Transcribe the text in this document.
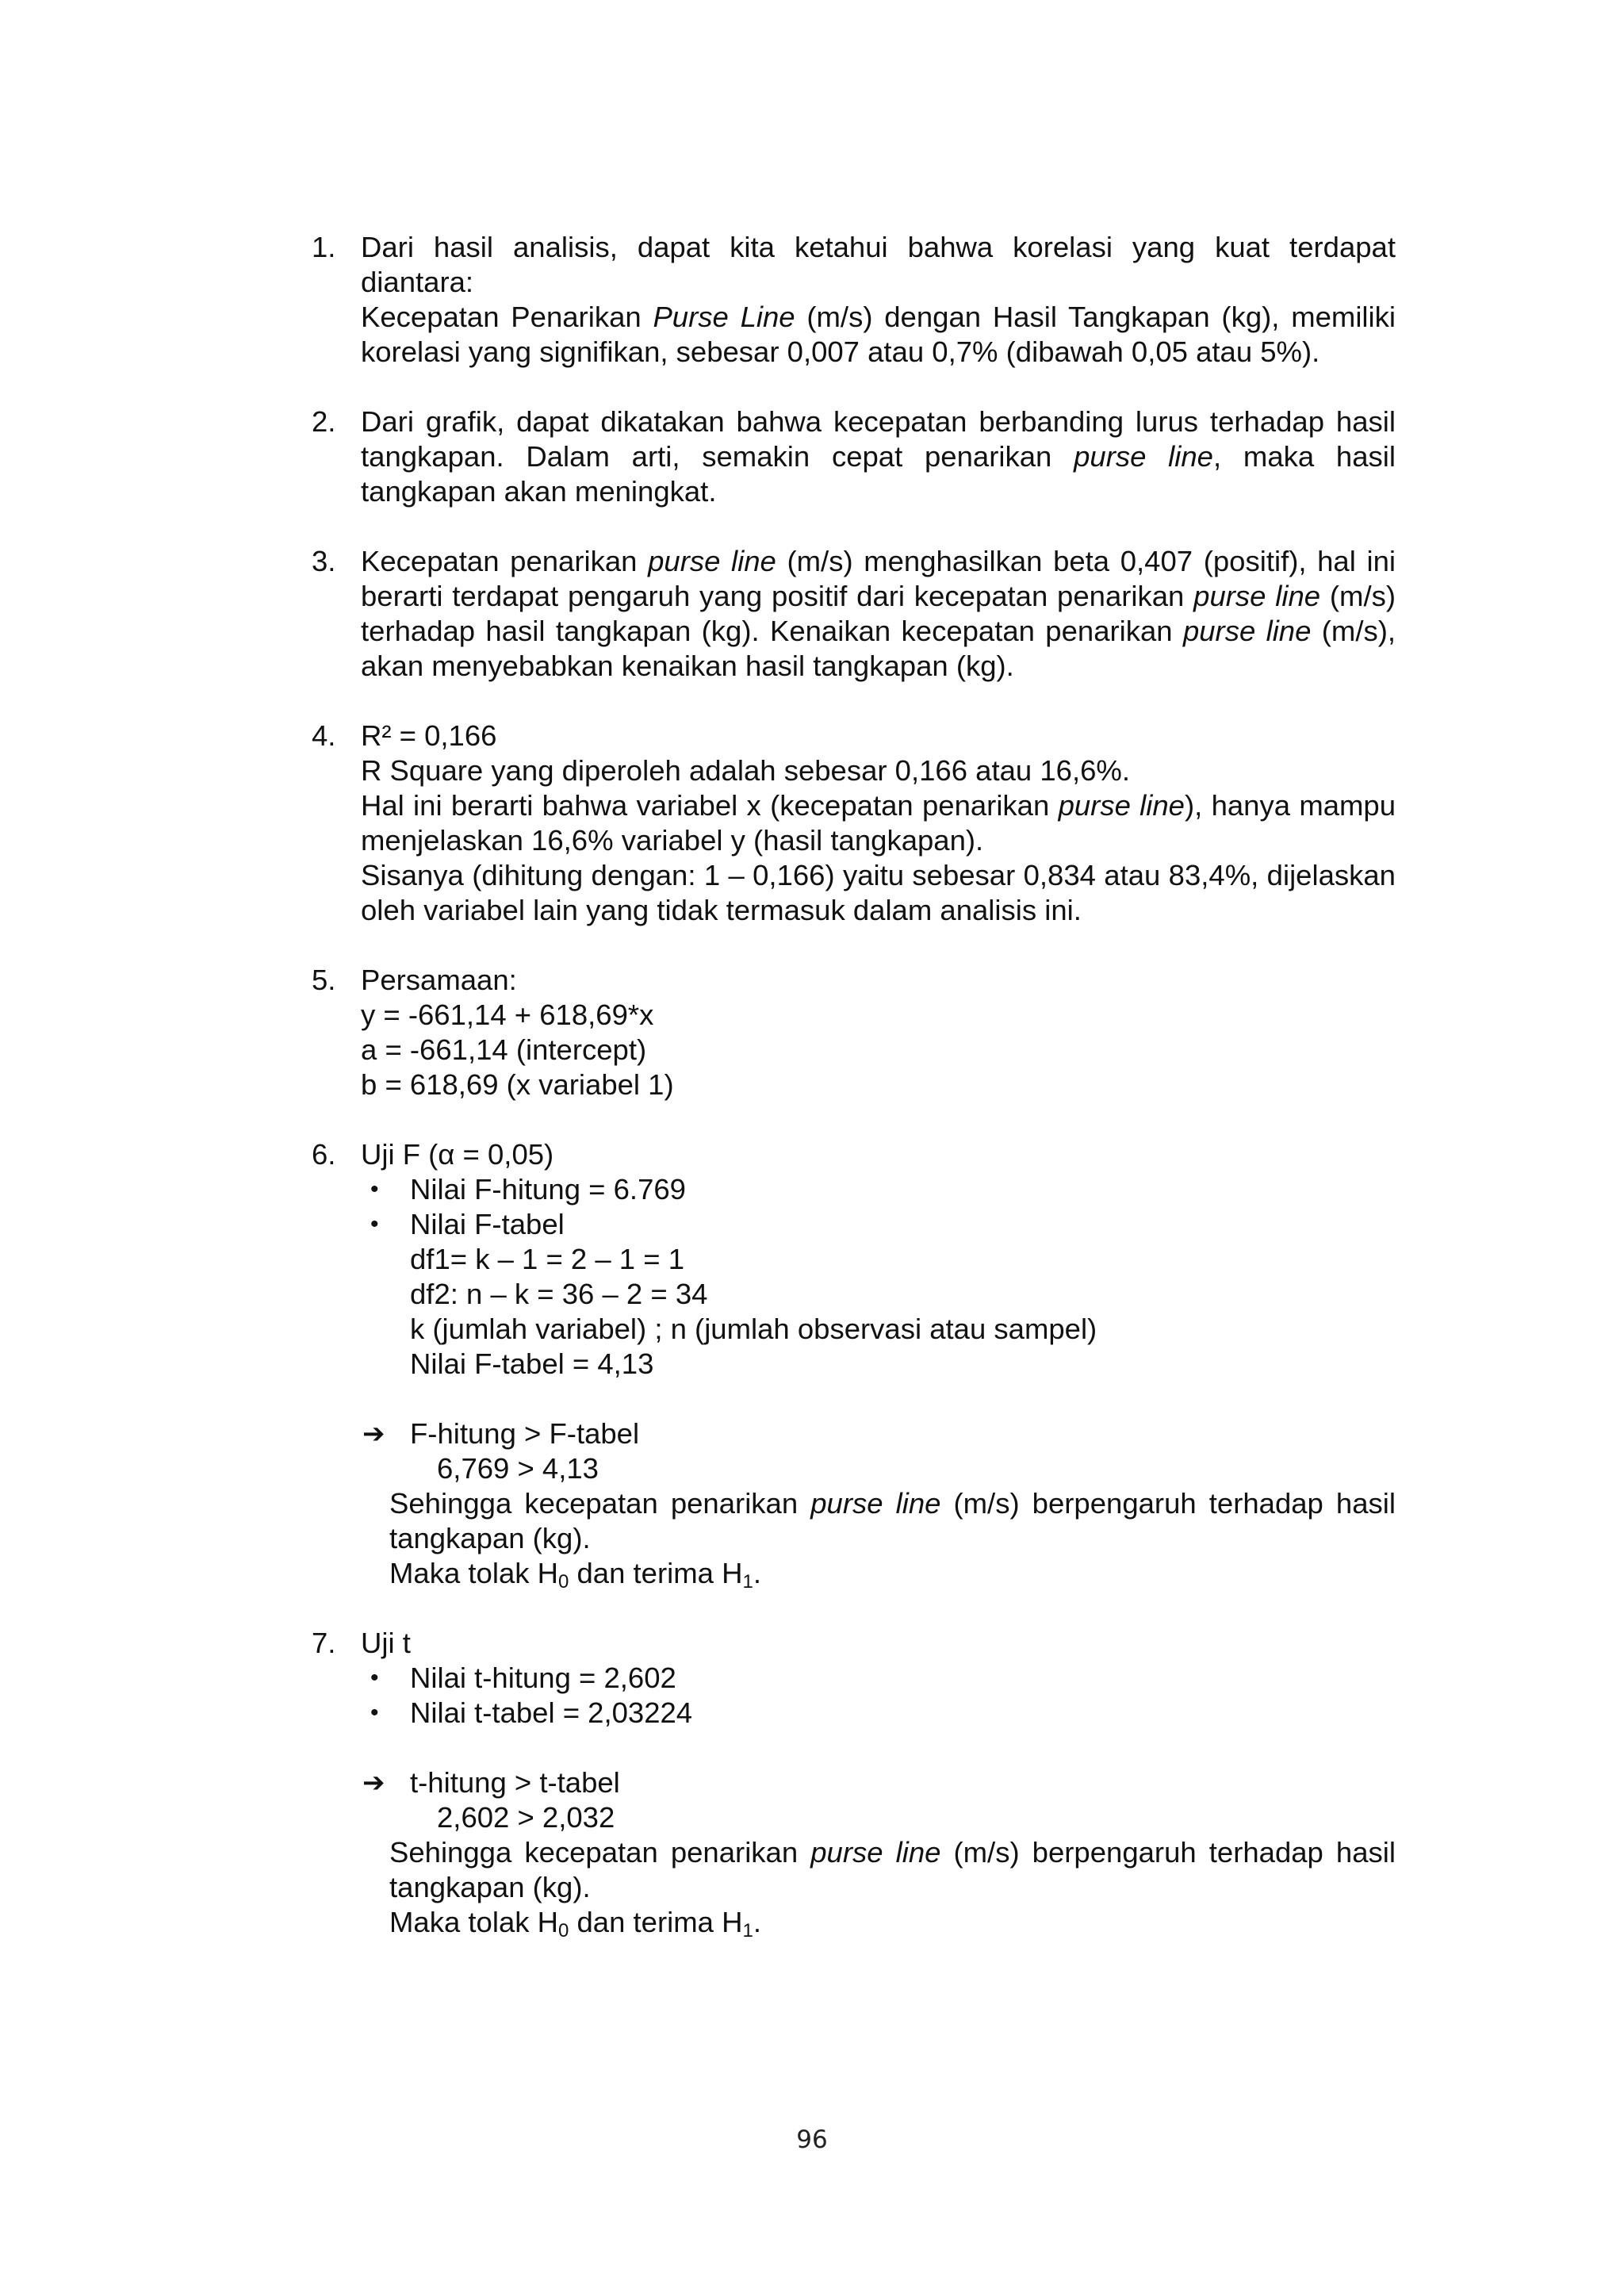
1. Dari hasil analisis, dapat kita ketahui bahwa korelasi yang kuat terdapat diantara:
Kecepatan Penarikan Purse Line (m/s) dengan Hasil Tangkapan (kg), memiliki korelasi yang signifikan, sebesar 0,007 atau 0,7% (dibawah 0,05 atau 5%).
2. Dari grafik, dapat dikatakan bahwa kecepatan berbanding lurus terhadap hasil tangkapan. Dalam arti, semakin cepat penarikan purse line, maka hasil tangkapan akan meningkat.
3. Kecepatan penarikan purse line (m/s) menghasilkan beta 0,407 (positif), hal ini berarti terdapat pengaruh yang positif dari kecepatan penarikan purse line (m/s) terhadap hasil tangkapan (kg). Kenaikan kecepatan penarikan purse line (m/s), akan menyebabkan kenaikan hasil tangkapan (kg).
4. R² = 0,166
R Square yang diperoleh adalah sebesar 0,166 atau 16,6%.
Hal ini berarti bahwa variabel x (kecepatan penarikan purse line), hanya mampu menjelaskan 16,6% variabel y (hasil tangkapan).
Sisanya (dihitung dengan: 1 – 0,166) yaitu sebesar 0,834 atau 83,4%, dijelaskan oleh variabel lain yang tidak termasuk dalam analisis ini.
5. Persamaan:
y = -661,14 + 618,69*x
a = -661,14 (intercept)
b = 618,69 (x variabel 1)
6. Uji F (α = 0,05)
• Nilai F-hitung = 6.769
• Nilai F-tabel
df1= k – 1 = 2 – 1 = 1
df2: n – k = 36 – 2 = 34
k (jumlah variabel) ; n (jumlah observasi atau sampel)
Nilai F-tabel = 4,13
➔ F-hitung > F-tabel
6,769 > 4,13
Sehingga kecepatan penarikan purse line (m/s) berpengaruh terhadap hasil tangkapan (kg).
Maka tolak $H_0$ dan terima $H_1$.
7. Uji t
• Nilai t-hitung = 2,602
• Nilai t-tabel = 2,03224
➔ t-hitung > t-tabel
2,602 > 2,032
Sehingga kecepatan penarikan purse line (m/s) berpengaruh terhadap hasil tangkapan (kg).
Maka tolak $H_0$ dan terima $H_1$.
96
